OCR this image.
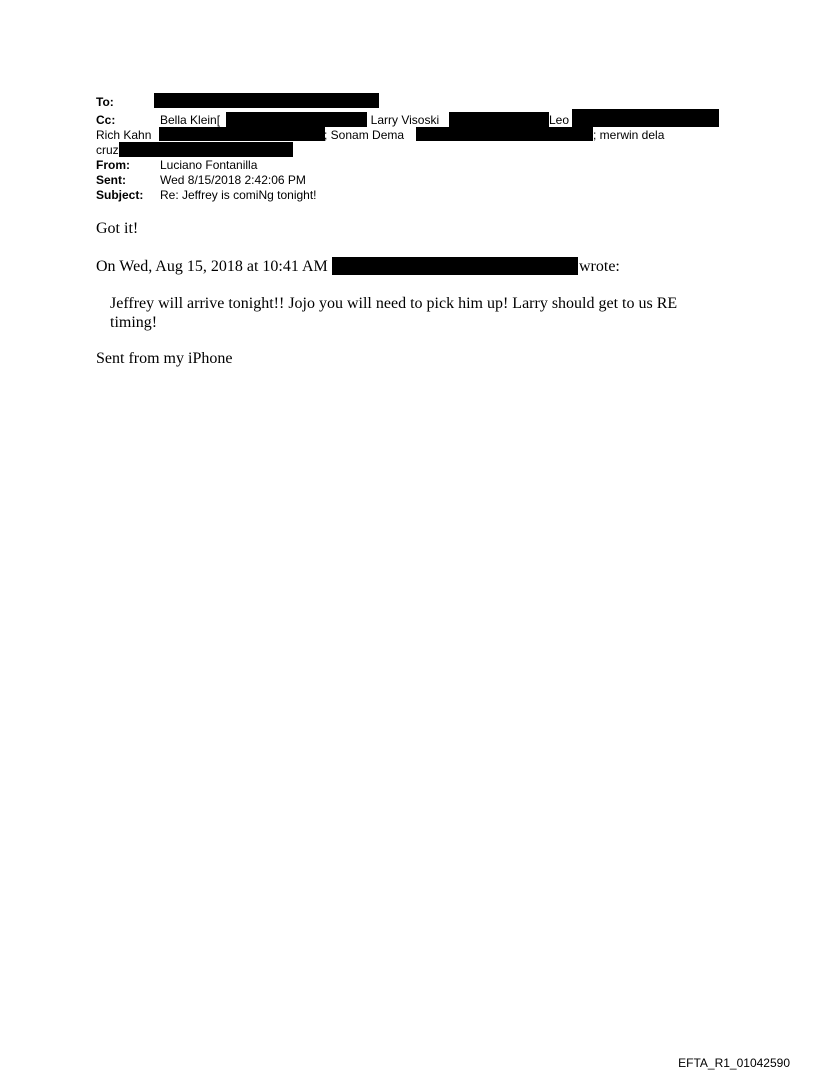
To:
Cc:	Bella Klein[	; Larry Visoski	Leo
Rich Kahn	; Sonam Dema	; merwin dela
cruz
From:	Luciano Fontanilla
Sent:	Wed 8/15/2018 2:42:06 PM
Subject: Re: Jeffrey is comiNg tonight!
Got it!
On Wed, Aug 15, 2018 at 10:41 AM	wrote:
Jeffrey will arrive tonight!! Jojo you will need to pick him up! Larry should get to us RE
timing!
Sent from my iPhone
EFTA_R1_01042590
